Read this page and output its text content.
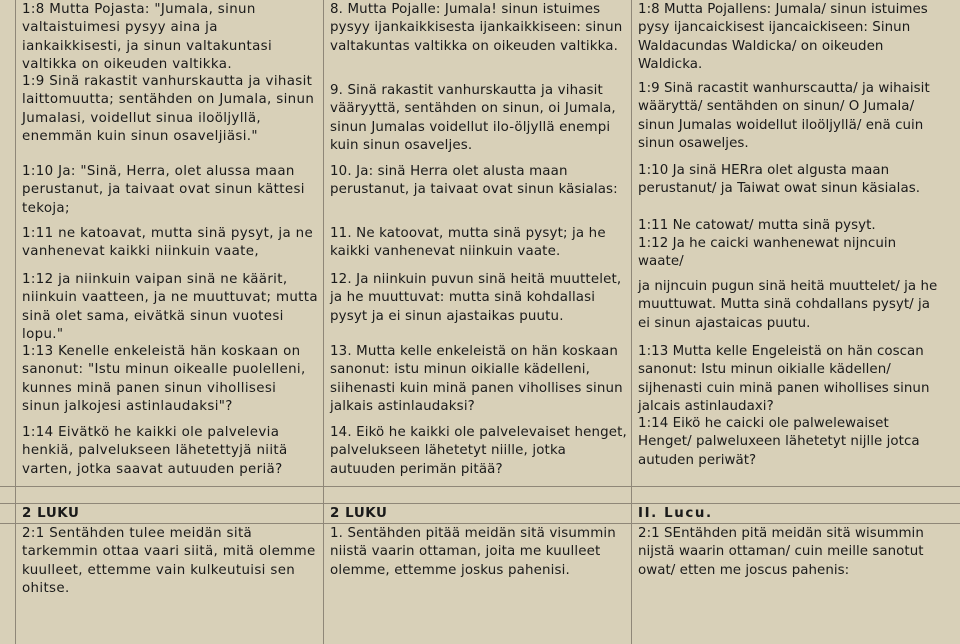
1:8 Mutta Pojasta: "Jumala, sinun valtaistuimesi pysyy aina ja iankaikkisesti, ja sinun valtakuntasi valtikka on oikeuden valtikka.

1:9 Sinä rakastit vanhurskautta ja vihasit laittomuutta; sentähden on Jumala, sinun Jumalasi, voidellut sinua iloöljyllä, enemmän kuin sinun osaveljiäsi."

1:10 Ja: "Sinä, Herra, olet alussa maan perustanut, ja taivaat ovat sinun kättesi tekoja;

1:11 ne katoavat, mutta sinä pysyt, ja ne vanhenevat kaikki niinkuin vaate,

1:12 ja niinkuin vaipan sinä ne käärit, niinkuin vaatteen, ja ne muuttuvat; mutta sinä olet sama, eivätkä sinun vuotesi lopu."

1:13 Kenelle enkeleistä hän koskaan on sanonut: "Istu minun oikealle puolelleni, kunnes minä panen sinun vihollisesi sinun jalkojesi astinlaudaksi"?

1:14 Eivätkö he kaikki ole palvelevia henkiä, palvelukseen lähetettyjä niitä varten, jotka saavat autuuden periä?

8. Mutta Pojalle: Jumala! sinun istuimes pysyy ijankaikkisesta ijankaikkiseen: sinun valtakuntas valtikka on oikeuden valtikka.

9. Sinä rakastit vanhurskautta ja vihasit vääryyttä, sentähden on sinun, oi Jumala, sinun Jumalas voidellut ilo-öljyllä enempi kuin sinun osaveljes.

10. Ja: sinä Herra olet alusta maan perustanut, ja taivaat ovat sinun käsialas:

11. Ne katoovat, mutta sinä pysyt; ja he kaikki vanhenevat niinkuin vaate.

12. Ja niinkuin puvun sinä heitä muuttelet, ja he muuttuvat: mutta sinä kohdallasi pysyt ja ei sinun ajastaikas puutu.

13. Mutta kelle enkeleistä on hän koskaan sanonut: istu minun oikialle kädelleni, siihenasti kuin minä panen vihollises sinun jalkais astinlaudaksi?

14. Eikö he kaikki ole palvelevaiset henget, palvelukseen lähetetyt niille, jotka autuuden perimän pitää?

1:8 Mutta Pojallens: Jumala/ sinun istuimes pysy ijancaickisest ijancaickiseen: Sinun Waldacundas Waldicka/ on oikeuden Waldicka.

1:9 Sinä racastit wanhurscautta/ ja wihaisit wääryttä/ sentähden on sinun/ O Jumala/ sinun Jumalas woidellut iloöljyllä/ enä cuin sinun osaweljes.

1:10 Ja sinä HERra olet algusta maan perustanut/ ja Taiwat owat sinun käsialas.

1:11 Ne catowat/ mutta sinä pysyt.

1:12 Ja he caicki wanhenewat nijncuin waate/

ja nijncuin pugun sinä heitä muuttelet/ ja he muuttuwat. Mutta sinä cohdallans pysyt/ ja ei sinun ajastaicas puutu.

1:13 Mutta kelle Engeleistä on hän coscan sanonut: Istu minun oikialle kädellen/ sijhenasti cuin minä panen wihollises sinun jalcais astinlaudaxi?

1:14 Eikö he caicki ole palwelewaiset Henget/ palweluxeen lähetetyt nijlle jotca autuden periwät?

2 LUKU	2 LUKU	II. Lucu.

2:1 Sentähden tulee meidän sitä tarkemmin ottaa vaari siitä, mitä olemme kuulleet, ettemme vain kulkeutuisi sen ohitse.

1. Sentähden pitää meidän sitä visummin niistä vaarin ottaman, joita me kuulleet olemme, ettemme joskus pahenisi.

2:1 SEntähden pitä meidän sitä wisummin nijstä waarin ottaman/ cuin meille sanotut owat/ etten me joscus pahenis:
